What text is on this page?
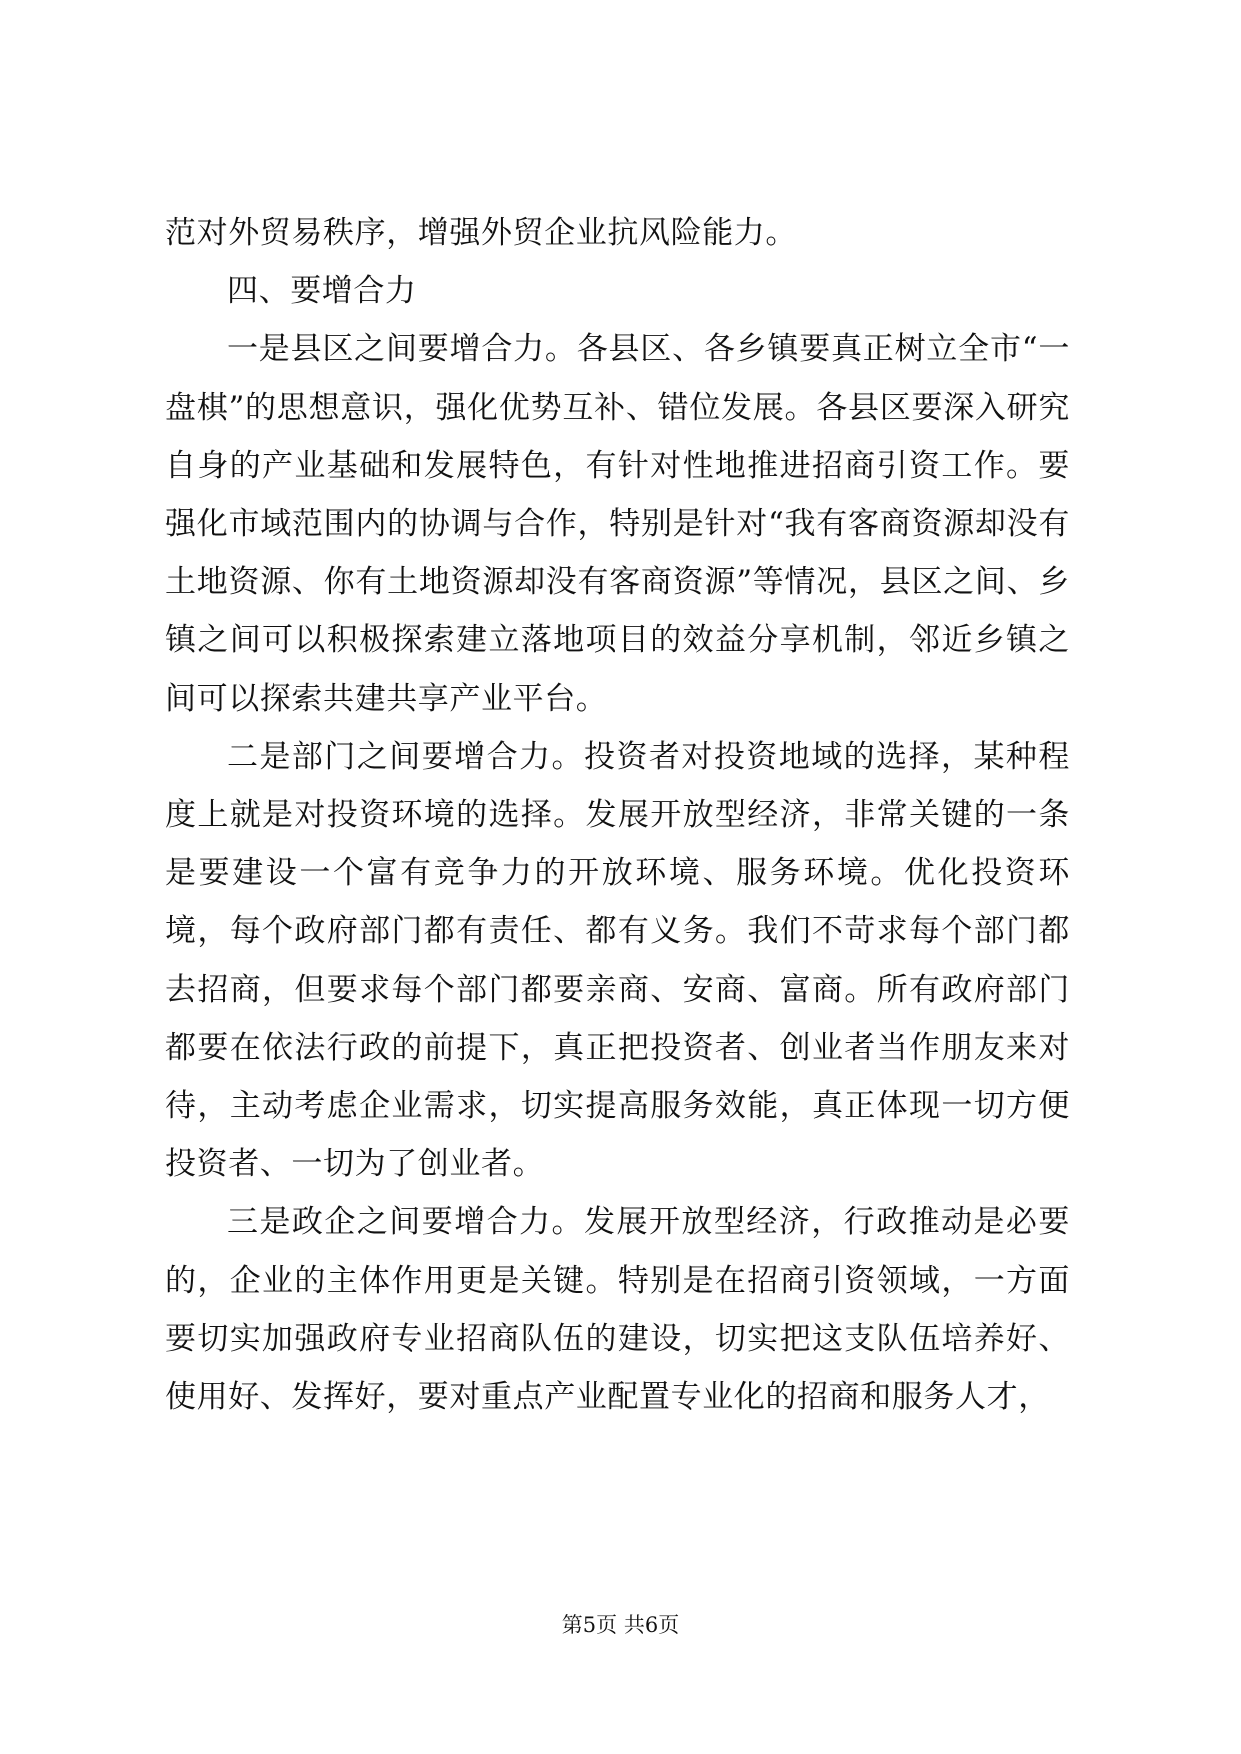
范对外贸易秩序，增强外贸企业抗风险能力。

四、要增合力

一是县区之间要增合力。各县区、各乡镇要真正树立全市“一盘棋”的思想意识，强化优势互补、错位发展。各县区要深入研究自身的产业基础和发展特色，有针对性地推进招商引资工作。要强化市域范围内的协调与合作，特别是针对“我有客商资源却没有土地资源、你有土地资源却没有客商资源”等情况，县区之间、乡镇之间可以积极探索建立落地项目的效益分享机制，邻近乡镇之间可以探索共建共享产业平台。

二是部门之间要增合力。投资者对投资地域的选择，某种程度上就是对投资环境的选择。发展开放型经济，非常关键的一条是要建设一个富有竞争力的开放环境、服务环境。优化投资环境，每个政府部门都有责任、都有义务。我们不苛求每个部门都去招商，但要求每个部门都要亲商、安商、富商。所有政府部门都要在依法行政的前提下，真正把投资者、创业者当作朋友来对待，主动考虑企业需求，切实提高服务效能，真正体现一切方便投资者、一切为了创业者。

三是政企之间要增合力。发展开放型经济，行政推动是必要的，企业的主体作用更是关键。特别是在招商引资领域，一方面要切实加强政府专业招商队伍的建设，切实把这支队伍培养好、使用好、发挥好，要对重点产业配置专业化的招商和服务人才，

第5页 共6页
